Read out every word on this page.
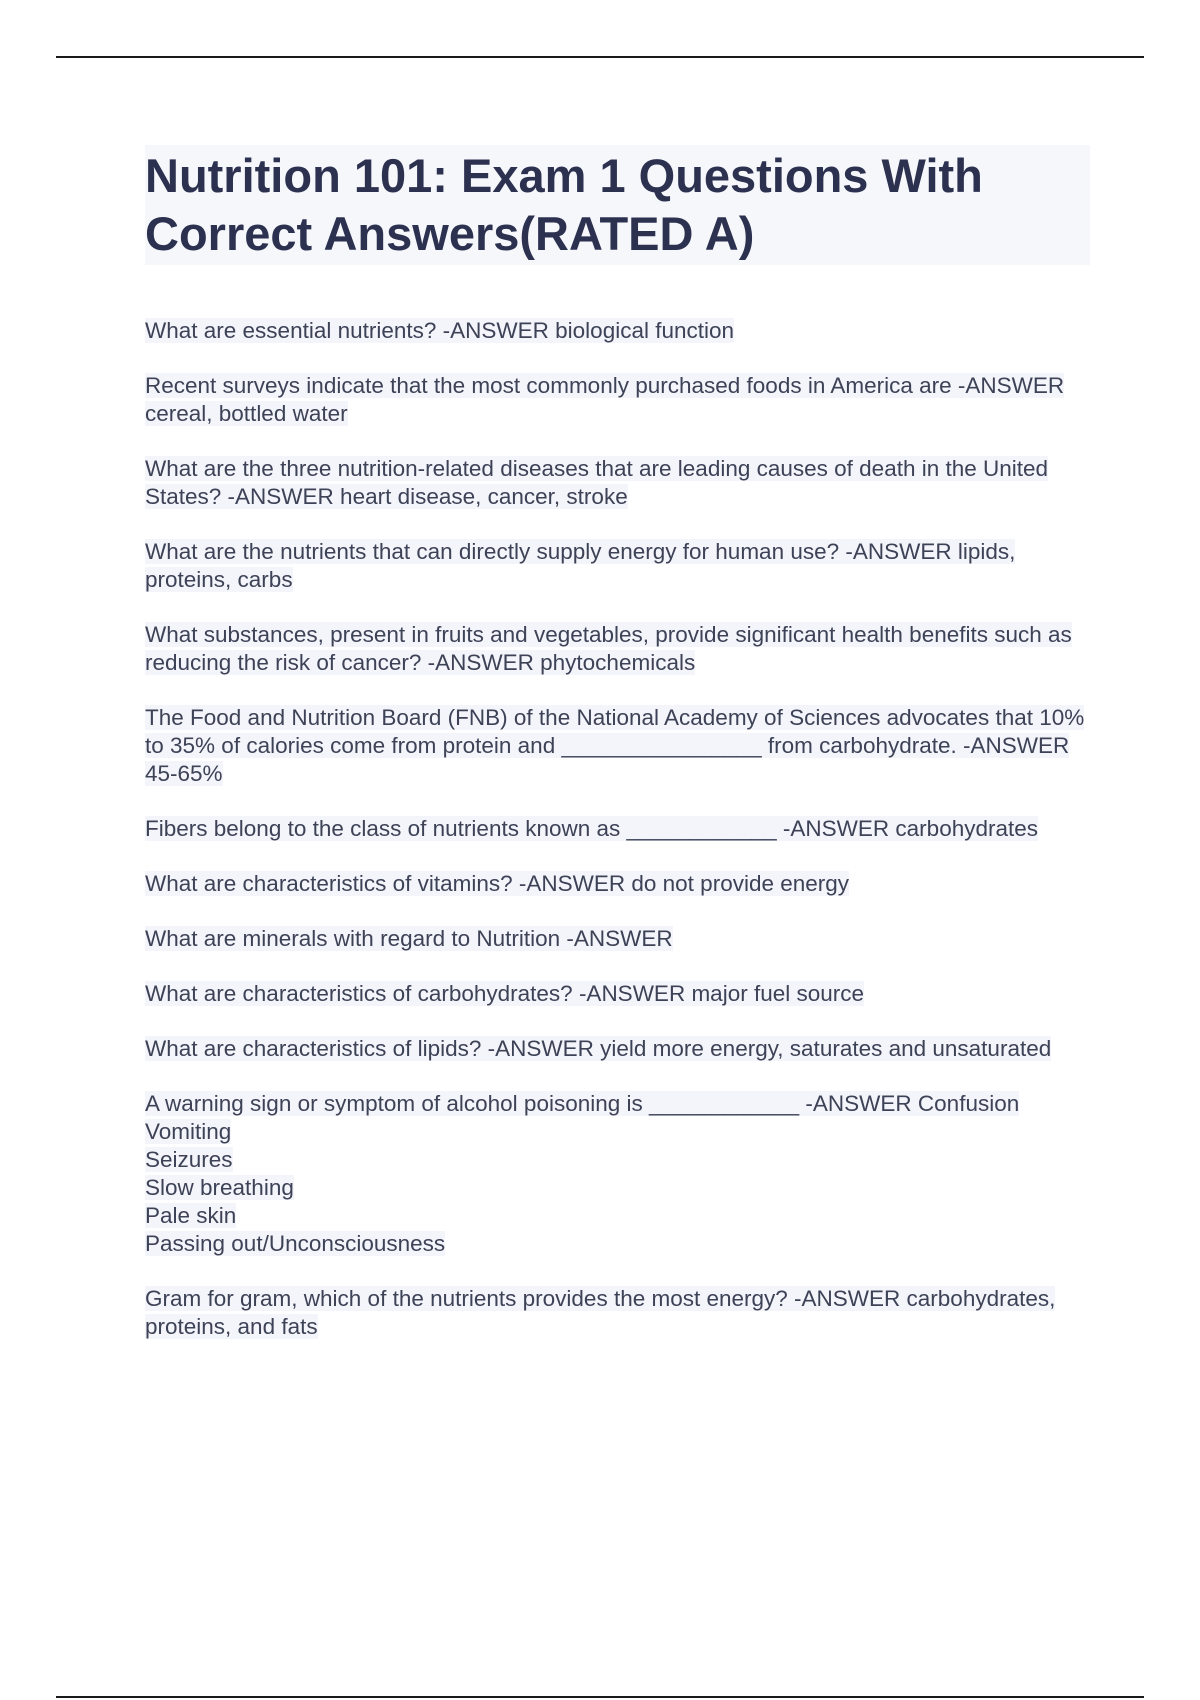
Nutrition 101: Exam 1 Questions With Correct Answers(RATED A)
What are essential nutrients? -ANSWER biological function
Recent surveys indicate that the most commonly purchased foods in America are -ANSWER cereal, bottled water
What are the three nutrition-related diseases that are leading causes of death in the United States? -ANSWER heart disease, cancer, stroke
What are the nutrients that can directly supply energy for human use? -ANSWER lipids, proteins, carbs
What substances, present in fruits and vegetables, provide significant health benefits such as reducing the risk of cancer? -ANSWER phytochemicals
The Food and Nutrition Board (FNB) of the National Academy of Sciences advocates that 10% to 35% of calories come from protein and ________________ from carbohydrate. -ANSWER 45-65%
Fibers belong to the class of nutrients known as ____________ -ANSWER carbohydrates
What are characteristics of vitamins? -ANSWER do not provide energy
What are minerals with regard to Nutrition -ANSWER
What are characteristics of carbohydrates? -ANSWER major fuel source
What are characteristics of lipids? -ANSWER yield more energy, saturates and unsaturated
A warning sign or symptom of alcohol poisoning is ____________ -ANSWER Confusion
Vomiting
Seizures
Slow breathing
Pale skin
Passing out/Unconsciousness
Gram for gram, which of the nutrients provides the most energy? -ANSWER carbohydrates, proteins, and fats
